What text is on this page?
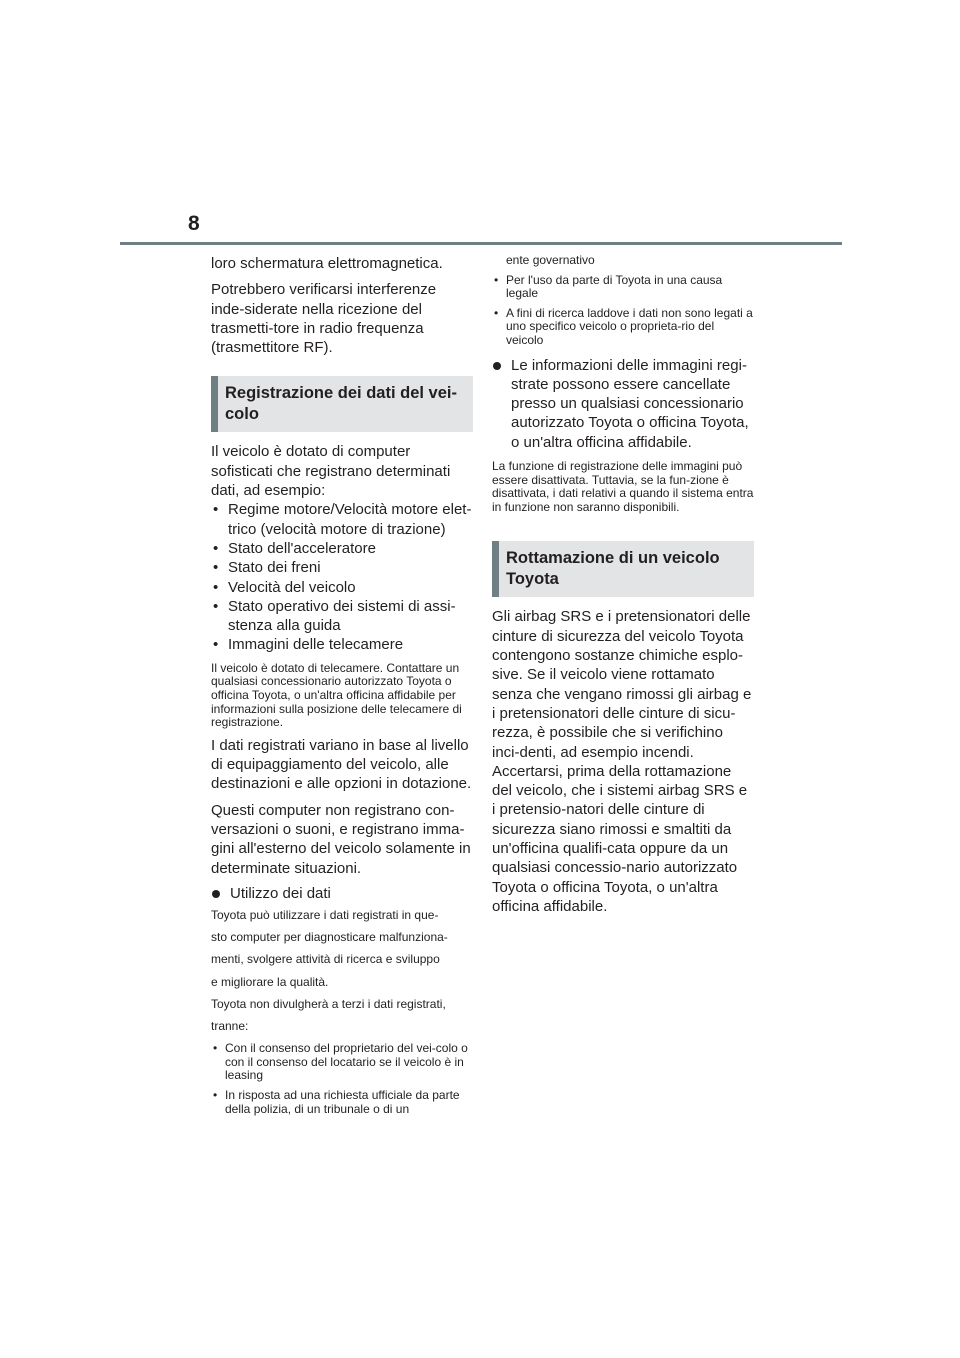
8

loro schermatura elettromagnetica.

Potrebbero verificarsi interferenze inde-siderate nella ricezione del trasmetti-tore in radio frequenza (trasmettitore RF).

Registrazione dei dati del vei-colo

Il veicolo è dotato di computer sofisticati che registrano determinati dati, ad esempio:

• Regime motore/Velocità motore elet-trico (velocità motore di trazione)
• Stato dell'acceleratore
• Stato dei freni
• Velocità del veicolo
• Stato operativo dei sistemi di assi-stenza alla guida
• Immagini delle telecamere

Il veicolo è dotato di telecamere. Contattare un qualsiasi concessionario autorizzato Toyota o officina Toyota, o un'altra officina affidabile per informazioni sulla posizione delle telecamere di registrazione.

I dati registrati variano in base al livello di equipaggiamento del veicolo, alle destinazioni e alle opzioni in dotazione.

Questi computer non registrano con-versazioni o suoni, e registrano imma-gini all'esterno del veicolo solamente in determinate situazioni.

Utilizzo dei dati
Toyota può utilizzare i dati registrati in que-
sto computer per diagnosticare malfunziona-
menti, svolgere attività di ricerca e sviluppo
e migliorare la qualità.
Toyota non divulgherà a terzi i dati registrati,
tranne:
• Con il consenso del proprietario del vei-colo o con il consenso del locatario se il veicolo è in leasing
• In risposta ad una richiesta ufficiale da parte della polizia, di un tribunale o di un
ente governativo
• Per l'uso da parte di Toyota in una causa legale
• A fini di ricerca laddove i dati non sono legati a uno specifico veicolo o proprieta-rio del veicolo
Le informazioni delle immagini regi-strate possono essere cancellate presso un qualsiasi concessionario autorizzato Toyota o officina Toyota, o un'altra officina affidabile.

La funzione di registrazione delle immagini può essere disattivata. Tuttavia, se la fun-zione è disattivata, i dati relativi a quando il sistema entra in funzione non saranno disponibili.

Rottamazione di un veicolo Toyota

Gli airbag SRS e i pretensionatori delle cinture di sicurezza del veicolo Toyota contengono sostanze chimiche esplo-sive. Se il veicolo viene rottamato senza che vengano rimossi gli airbag e i pretensionatori delle cinture di sicu-rezza, è possibile che si verifichino inci-denti, ad esempio incendi. Accertarsi, prima della rottamazione del veicolo, che i sistemi airbag SRS e i pretensio-natori delle cinture di sicurezza siano rimossi e smaltiti da un'officina qualifi-cata oppure da un qualsiasi concessio-nario autorizzato Toyota o officina Toyota, o un'altra officina affidabile.
